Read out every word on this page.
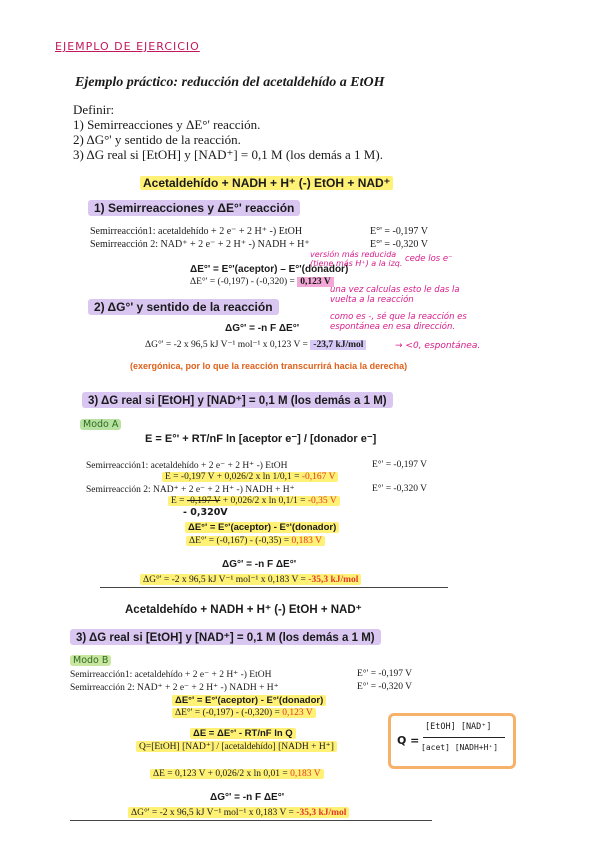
EJEMPLO DE EJERCICIO
Ejemplo práctico: reducción del acetaldehído a EtOH
Definir:
1) Semirreacciones y ΔE°' reacción.
2) ΔG°' y sentido de la reacción.
3) ΔG real si [EtOH] y [NAD⁺] = 0,1 M (los demás a 1 M).
Acetaldehído + NADH + H⁺ (-) EtOH + NAD⁺
1) Semirreacciones y ΔE°' reacción
Semirreacción1: acetaldehído + 2 e⁻ + 2 H⁺ -) EtOH	E°' = -0,197 V
Semirreacción 2: NAD⁺ + 2 e⁻ + 2 H⁺ -) NADH + H⁺	E°' = -0,320 V
versión más reducida (tiene más H⁺) a la izq. cede los e⁻
ΔE°' = E°'(aceptor) – E°'(donador)
ΔE°' = (-0,197) - (-0,320) = 0,123 V
una vez calculas esto le das la vuelta a la reacción
2) ΔG°' y sentido de la reacción
como es -, sé que la reacción es espontánea en esa dirección.
ΔG°' = -n F ΔE°'
ΔG°' = -2 x 96,5 kJ V⁻¹ mol⁻¹ x 0,123 V = -23,7 kJ/mol	→ <0, espontánea.
(exergónica, por lo que la reacción transcurrirá hacia la derecha)
3) ΔG real si [EtOH] y [NAD⁺] = 0,1 M (los demás a 1 M)
Modo A
E = E°' + RT/nF ln [aceptor e⁻] / [donador e⁻]
Semirreacción1: acetaldehído + 2 e⁻ + 2 H⁺ -) EtOH	E°' = -0,197 V
E = -0,197 V + 0,026/2 x ln 1/0,1 = -0,167 V
Semirreacción 2: NAD⁺ + 2 e⁻ + 2 H⁺ -) NADH + H⁺	E°' = -0,320 V
E = -0,197 V + 0,026/2 x ln 0,1/1 = -0,35 V
- 0,320V
ΔE°' = E°'(aceptor) - E°'(donador)
ΔE°' = (-0,167) - (-0,35) = 0,183 V
ΔG°' = -n F ΔE°'
ΔG°' = -2 x 96,5 kJ V⁻¹ mol⁻¹ x 0,183 V = -35,3 kJ/mol
Acetaldehído + NADH + H⁺ (-) EtOH + NAD⁺
3) ΔG real si [EtOH] y [NAD⁺] = 0,1 M (los demás a 1 M)
Modo B
Semirreacción1: acetaldehído + 2 e⁻ + 2 H⁺ -) EtOH	E°' = -0,197 V
Semirreacción 2: NAD⁺ + 2 e⁻ + 2 H⁺ -) NADH + H⁺	E°' = -0,320 V
ΔE°' = E°'(aceptor) - E°'(donador)
ΔE°' = (-0,197) - (-0,320) = 0,123 V
ΔE = ΔE°' - RT/nF ln Q
Q=[EtOH] [NAD⁺] / [acetaldehído] [NADH + H⁺]	Q =
[EtOH] [NAD⁺]
[acet] [NADH+H⁺]
ΔE = 0,123 V + 0,026/2 x ln 0,01 = 0,183 V
ΔG°' = -n F ΔE°'
ΔG°' = -2 x 96,5 kJ V⁻¹ mol⁻¹ x 0,183 V = -35,3 kJ/mol
